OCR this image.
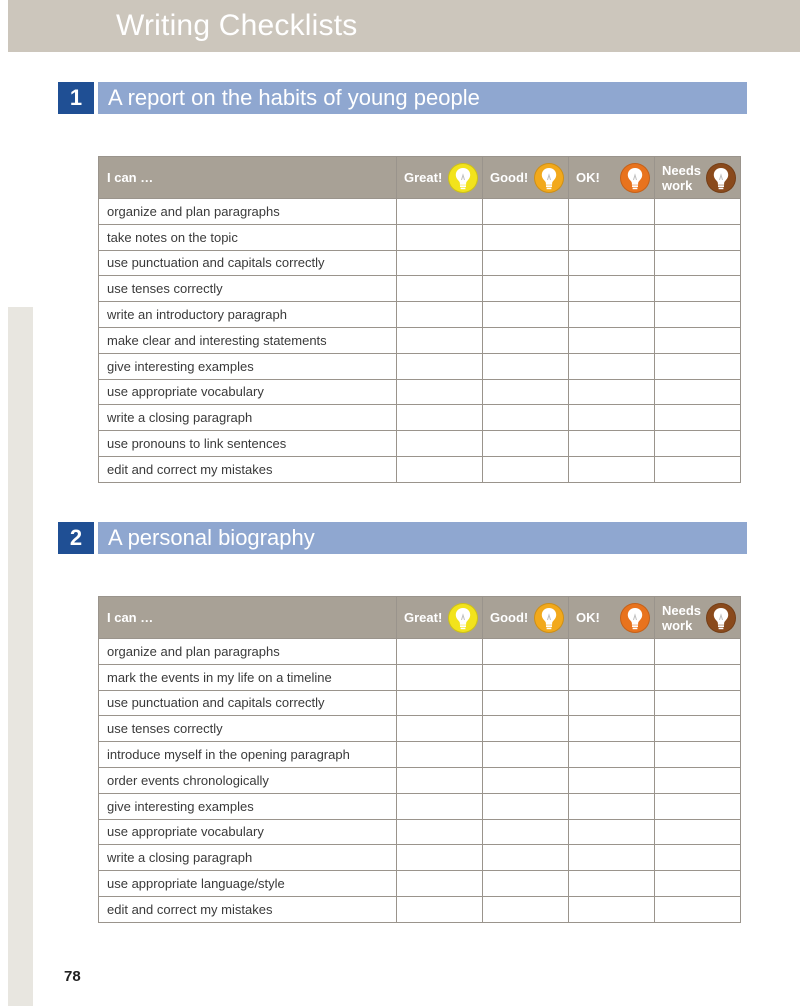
Writing Checklists
1	A report on the habits of young people
I can …	Great!	Good!	OK!	Needs
work

organize and plan paragraphs				
take notes on the topic				
use punctuation and capitals correctly				
use tenses correctly				
write an introductory paragraph				
make clear and interesting statements				
give interesting examples				
use appropriate vocabulary				
write a closing paragraph				
use pronouns to link sentences				
edit and correct my mistakes				
2	A personal biography
I can …	Great!	Good!	OK!	Needs
work

organize and plan paragraphs				
mark the events in my life on a timeline				
use punctuation and capitals correctly				
use tenses correctly				
introduce myself in the opening paragraph				
order events chronologically				
give interesting examples				
use appropriate vocabulary				
write a closing paragraph				
use appropriate language/style				
edit and correct my mistakes				
78
